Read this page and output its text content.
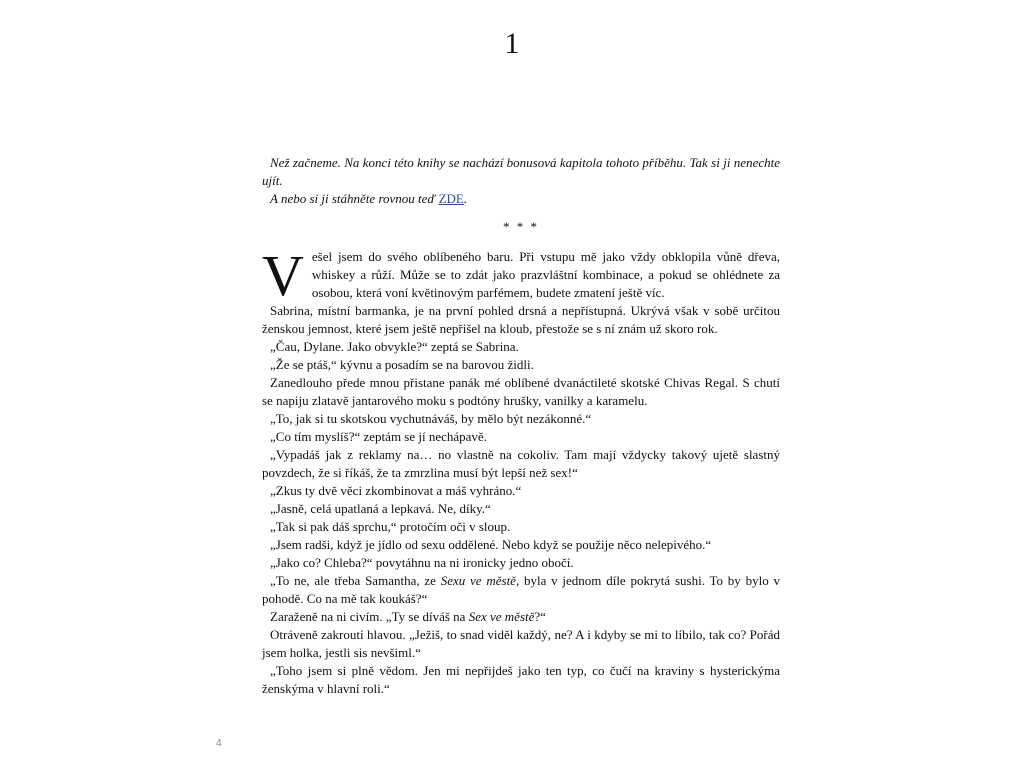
1

Než začneme. Na konci této knihy se nachází bonusová kapitola tohoto příběhu. Tak si ji nenechte ujít.

A nebo si ji stáhněte rovnou teď ZDE.

* * *

Vešel jsem do svého oblíbeného baru. Při vstupu mě jako vždy obklopila vůně dřeva, whiskey a růží. Může se to zdát jako prazvláštní kombinace, a pokud se ohlédnete za osobou, která voní květinovým parfémem, budete zmatení ještě víc.

Sabrina, místní barmanka, je na první pohled drsná a nepřístupná. Ukrývá však v sobě určitou ženskou jemnost, které jsem ještě nepřišel na kloub, přestože se s ní znám už skoro rok.

„Čau, Dylane. Jako obvykle?“ zeptá se Sabrina.

„Že se ptáš,“ kývnu a posadím se na barovou židli.

Zanedlouho přede mnou přistane panák mé oblíbené dvanáctileté skotské Chivas Regal. S chutí se napiju zlatavě jantarového moku s podtóny hrušky, vanilky a karamelu.

„To, jak si tu skotskou vychutnáváš, by mělo být nezákonné.“

„Co tím myslíš?“ zeptám se jí nechápavě.

„Vypadáš jak z reklamy na… no vlastně na cokoliv. Tam mají vždycky takový ujetě slastný povzdech, že si říkáš, že ta zmrzlina musí být lepší než sex!“

„Zkus ty dvě věci zkombinovat a máš vyhráno.“

„Jasně, celá upatlaná a lepkavá. Ne, díky.“

„Tak si pak dáš sprchu,“ protočím oči v sloup.

„Jsem radši, když je jídlo od sexu oddělené. Nebo když se použije něco nelepivého.“

„Jako co? Chleba?“ povytáhnu na ni ironicky jedno obočí.

„To ne, ale třeba Samantha, ze Sexu ve městě, byla v jednom díle pokrytá sushi. To by bylo v pohodě. Co na mě tak koukáš?“

Zaraženě na ni civím. „Ty se díváš na Sex ve městě?“

Otráveně zakroutí hlavou. „Ježiš, to snad viděl každý, ne? A i kdyby se mi to líbilo, tak co? Pořád jsem holka, jestli sis nevšiml.“

„Toho jsem si plně vědom. Jen mi nepřijdeš jako ten typ, co čučí na kraviny s hysterickýma ženskýma v hlavní roli.“

4
